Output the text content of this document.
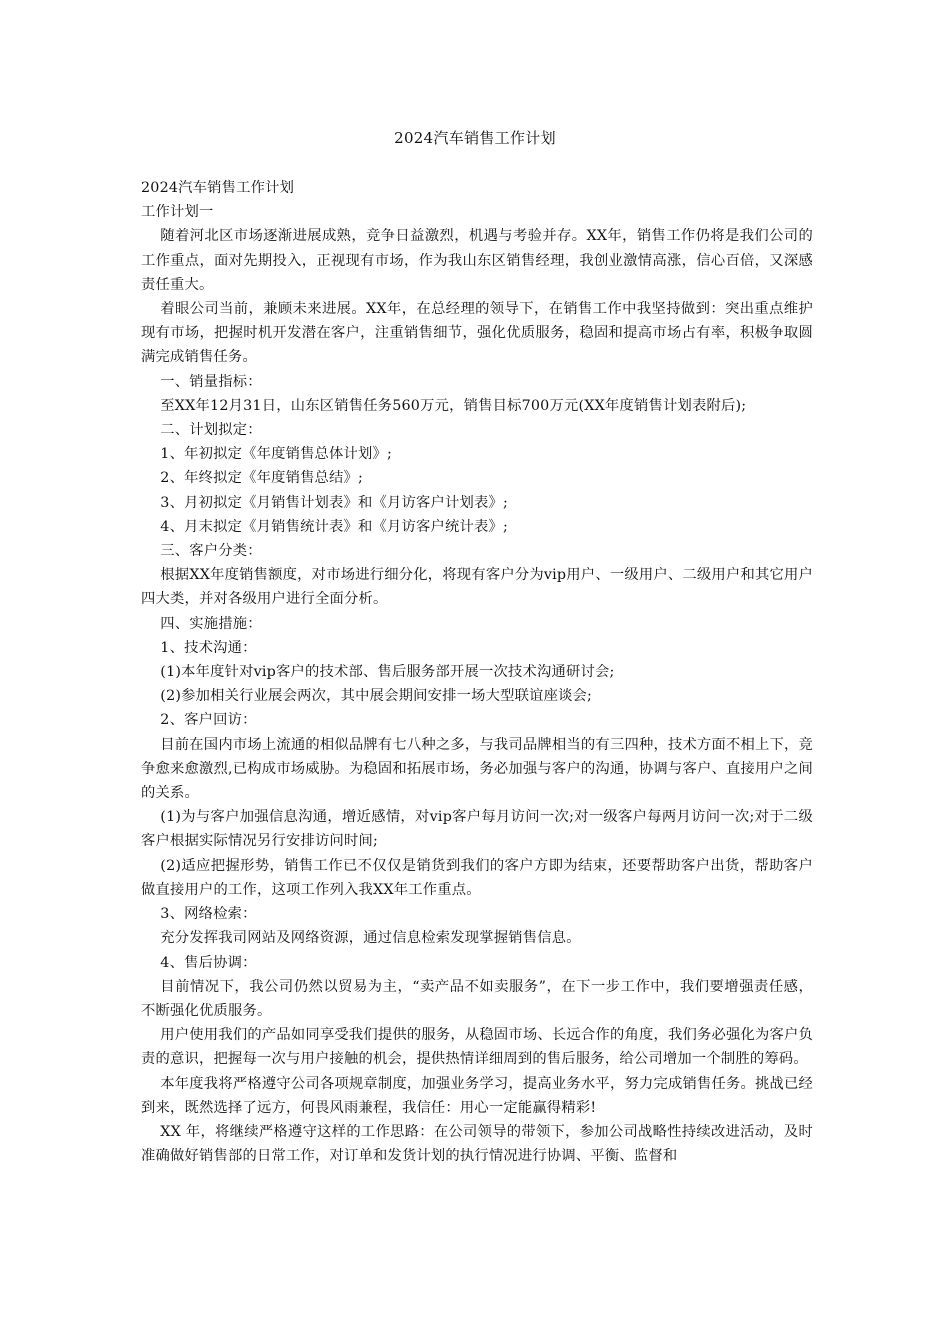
2024汽车销售工作计划

2024汽车销售工作计划

工作计划一

随着河北区市场逐渐进展成熟，竞争日益激烈，机遇与考验并存。XX年，销售工作仍将是我们公司的工作重点，面对先期投入，正视现有市场，作为我山东区销售经理，我创业激情高涨，信心百倍，又深感责任重大。

着眼公司当前，兼顾未来进展。XX年，在总经理的领导下，在销售工作中我坚持做到：突出重点维护现有市场，把握时机开发潜在客户，注重销售细节，强化优质服务，稳固和提高市场占有率，积极争取圆满完成销售任务。

一、销量指标：

至XX年12月31日，山东区销售任务560万元，销售目标700万元(XX年度销售计划表附后);

二、计划拟定：

1、年初拟定《年度销售总体计划》;

2、年终拟定《年度销售总结》;

3、月初拟定《月销售计划表》和《月访客户计划表》;

4、月末拟定《月销售统计表》和《月访客户统计表》;

三、客户分类：

根据XX年度销售额度，对市场进行细分化，将现有客户分为vip用户、一级用户、二级用户和其它用户四大类，并对各级用户进行全面分析。

四、实施措施：

1、技术沟通：

(1)本年度针对vip客户的技术部、售后服务部开展一次技术沟通研讨会;

(2)参加相关行业展会两次，其中展会期间安排一场大型联谊座谈会;

2、客户回访：

目前在国内市场上流通的相似品牌有七八种之多，与我司品牌相当的有三四种，技术方面不相上下，竞争愈来愈激烈,已构成市场威胁。为稳固和拓展市场，务必加强与客户的沟通，协调与客户、直接用户之间的关系。

(1)为与客户加强信息沟通，增近感情，对vip客户每月访问一次;对一级客户每两月访问一次;对于二级客户根据实际情况另行安排访问时间;

(2)适应把握形势，销售工作已不仅仅是销货到我们的客户方即为结束，还要帮助客户出货，帮助客户做直接用户的工作，这项工作列入我XX年工作重点。

3、网络检索：

充分发挥我司网站及网络资源，通过信息检索发现掌握销售信息。

4、售后协调：

目前情况下，我公司仍然以贸易为主，“卖产品不如卖服务”，在下一步工作中，我们要增强责任感，不断强化优质服务。

用户使用我们的产品如同享受我们提供的服务，从稳固市场、长远合作的角度，我们务必强化为客户负责的意识，把握每一次与用户接触的机会，提供热情详细周到的售后服务，给公司增加一个制胜的筹码。

本年度我将严格遵守公司各项规章制度，加强业务学习，提高业务水平，努力完成销售任务。挑战已经到来，既然选择了远方，何畏风雨兼程，我信任：用心一定能赢得精彩!

XX 年，将继续严格遵守这样的工作思路：在公司领导的带领下，参加公司战略性持续改进活动，及时准确做好销售部的日常工作，对订单和发货计划的执行情况进行协调、平衡、监督和
